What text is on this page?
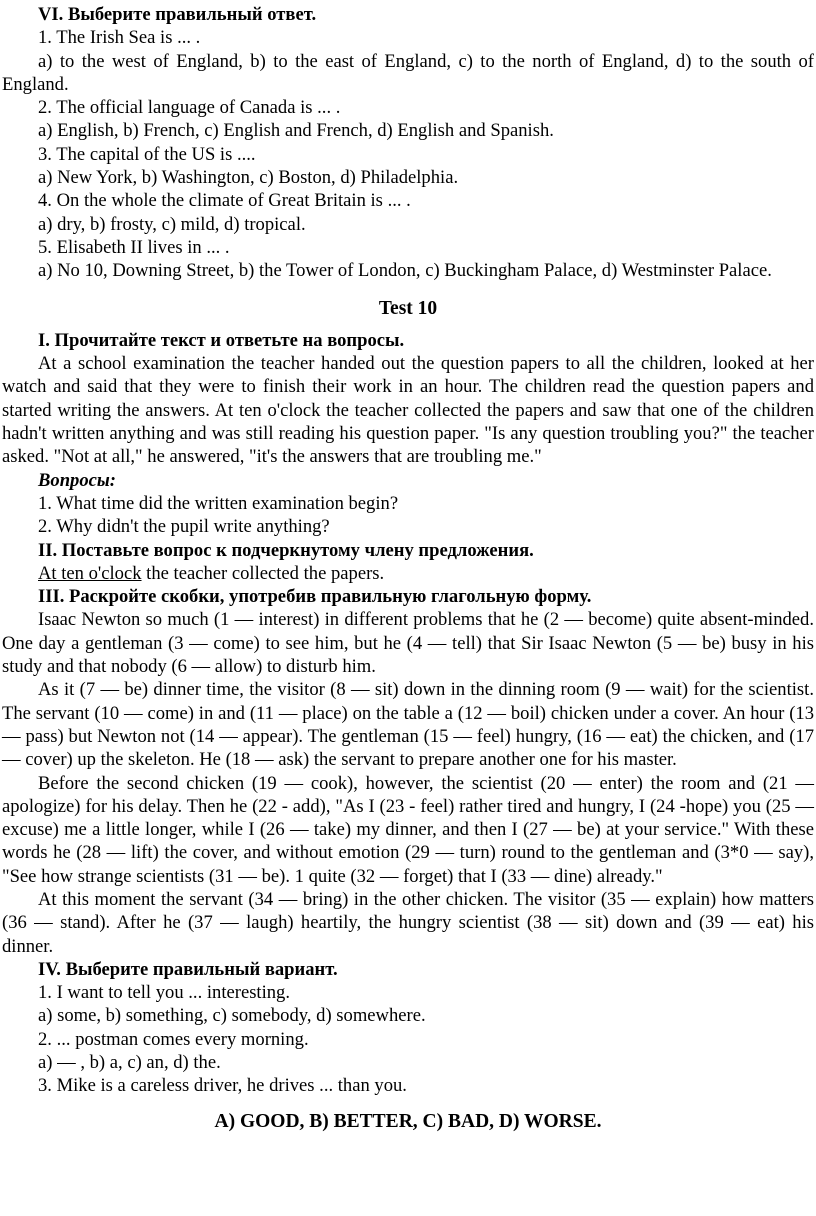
VI. Выберите правильный ответ.

1. The Irish Sea is ... .

a) to the west of England, b) to the east of England, c) to the north of England, d) to the south of England.

2. The official language of Canada is ... .

a) English, b) French, c) English and French, d) English and Spanish.

3. The capital of the US is ....

a) New York, b) Washington, c) Boston, d) Philadelphia.

4. On the whole the climate of Great Britain is ... .

a) dry, b) frosty, c) mild, d) tropical.

5. Elisabeth II lives in ... .

a) No 10, Downing Street, b) the Tower of London, c) Buckingham Palace, d) Westminster Palace.

Test 10

I. Прочитайте текст и ответьте на вопросы.

At a school examination the teacher handed out the question papers to all the children, looked at her watch and said that they were to finish their work in an hour. The children read the question papers and started writing the answers. At ten o'clock the teacher collected the papers and saw that one of the children hadn't written anything and was still reading his question paper. "Is any question troubling you?" the teacher asked. "Not at all," he answered, "it's the answers that are troubling me."

Вопросы:

1. What time did the written examination begin?

2. Why didn't the pupil write anything?

II. Поставьте вопрос к подчеркнутому члену предложения.

At ten o'clock the teacher collected the papers.

III. Раскройте скобки, употребив правильную глагольную форму.

Isaac Newton so much (1 — interest) in different problems that he (2 — become) quite absent-minded. One day a gentleman (3 — come) to see him, but he (4 — tell) that Sir Isaac Newton (5 — be) busy in his study and that nobody (6 — allow) to disturb him.

As it (7 — be) dinner time, the visitor (8 — sit) down in the dinning room (9 — wait) for the scientist. The servant (10 — come) in and (11 — place) on the table a (12 — boil) chicken under a cover. An hour (13 — pass) but Newton not (14 — appear). The gentleman (15 — feel) hungry, (16 — eat) the chicken, and (17 — cover) up the skeleton. He (18 — ask) the servant to prepare another one for his master.

Before the second chicken (19 — cook), however, the scientist (20 — enter) the room and (21 — apologize) for his delay. Then he (22 - add), "As I (23 - feel) rather tired and hungry, I (24 -hope) you (25 — excuse) me a little longer, while I (26 — take) my dinner, and then I (27 — be) at your service." With these words he (28 — lift) the cover, and without emotion (29 — turn) round to the gentleman and (3*0 — say), "See how strange scientists (31 — be). 1 quite (32 — forget) that I (33 — dine) already."

At this moment the servant (34 — bring) in the other chicken. The visitor (35 — explain) how matters (36 — stand). After he (37 — laugh) heartily, the hungry scientist (38 — sit) down and (39 — eat) his dinner.

IV. Выберите правильный вариант.

1. I want to tell you ... interesting.

a) some, b) something, c) somebody, d) somewhere.

2. ... postman comes every morning.

a) — , b) a, c) an, d) the.

3. Mike is a careless driver, he drives ... than you.

A) GOOD, B) BETTER, C) BAD, D) WORSE.
